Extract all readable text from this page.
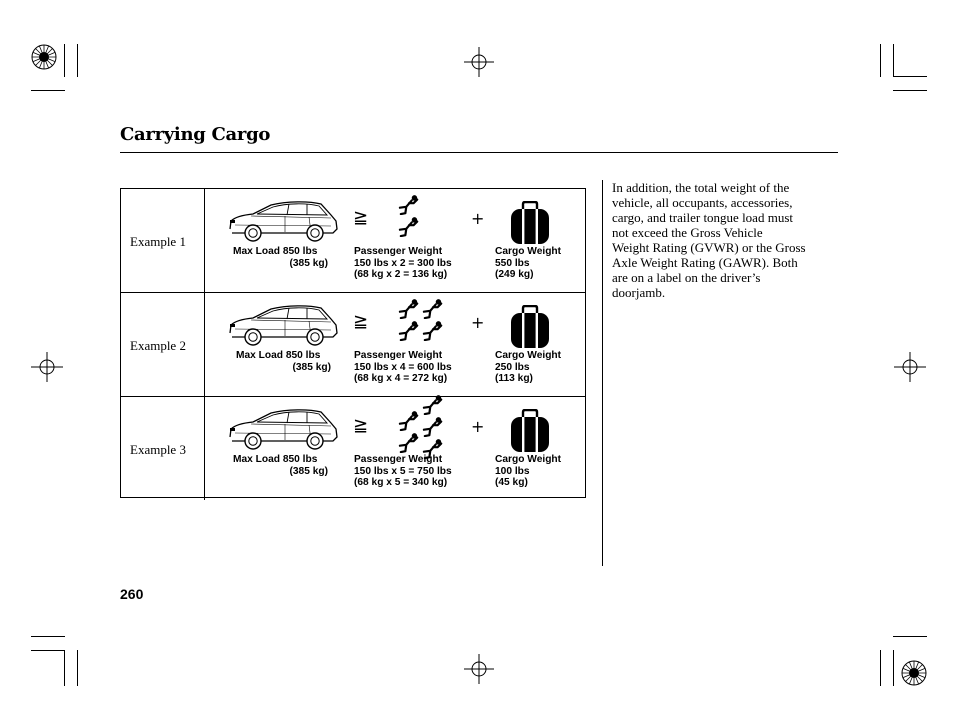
Carrying Cargo
Example 1
≧	+
Max Load 850 lbs
(385 kg)
Passenger Weight
150 lbs x 2 = 300 lbs
(68 kg x 2 = 136 kg)
Cargo Weight
550 lbs
(249 kg)
Example 2
≧	+
Max Load 850 lbs
(385 kg)
Passenger Weight
150 lbs x 4 = 600 lbs
(68 kg x 4 = 272 kg)
Cargo Weight
250 lbs
(113 kg)
Example 3
≧	+
Max Load 850 lbs
(385 kg)
Passenger Weight
150 lbs x 5 = 750 lbs
(68 kg x 5 = 340 kg)
Cargo Weight
100 lbs
(45 kg)
In addition, the total weight of the
vehicle, all occupants, accessories,
cargo, and trailer tongue load must
not exceed the Gross Vehicle
Weight Rating (GVWR) or the Gross
Axle Weight Rating (GAWR). Both
are on a label on the driver’s
doorjamb.
260
